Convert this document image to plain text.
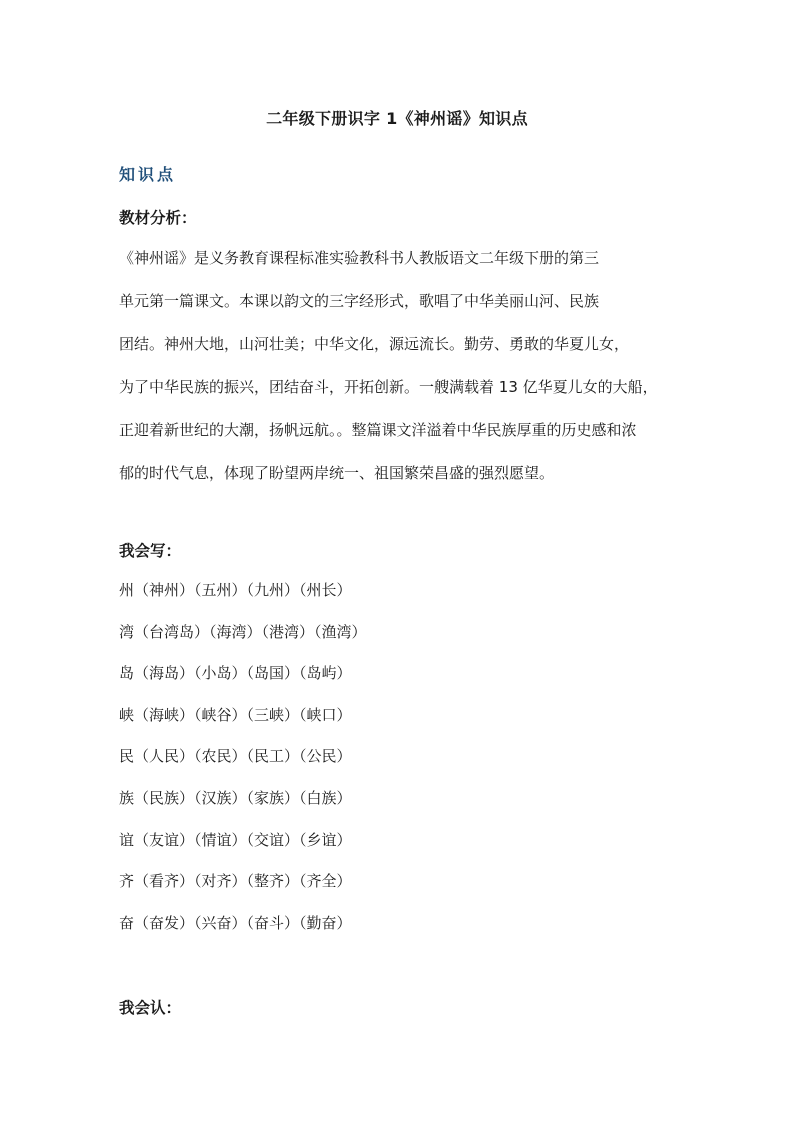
二年级下册识字 1《神州谣》知识点
知识点
教材分析：

《神州谣》是义务教育课程标准实验教科书人教版语文二年级下册的第三
单元第一篇课文。本课以韵文的三字经形式，歌唱了中华美丽山河、民族
团结。神州大地，山河壮美；中华文化，源远流长。勤劳、勇敢的华夏儿女，
为了中华民族的振兴，团结奋斗，开拓创新。一艘满载着 13 亿华夏儿女的大船，
正迎着新世纪的大潮，扬帆远航。。整篇课文洋溢着中华民族厚重的历史感和浓
郁的时代气息，体现了盼望两岸统一、祖国繁荣昌盛的强烈愿望。

我会写：
州（神州）（五州）（九州）（州长）
湾（台湾岛）（海湾）（港湾）（渔湾）
岛（海岛）（小岛）（岛国）（岛屿）
峡（海峡）（峡谷）（三峡）（峡口）
民（人民）（农民）（民工）（公民）
族（民族）（汉族）（家族）（白族）
谊（友谊）（情谊）（交谊）（乡谊）
齐（看齐）（对齐）（整齐）（齐全）
奋（奋发）（兴奋）（奋斗）（勤奋）
我会认：
